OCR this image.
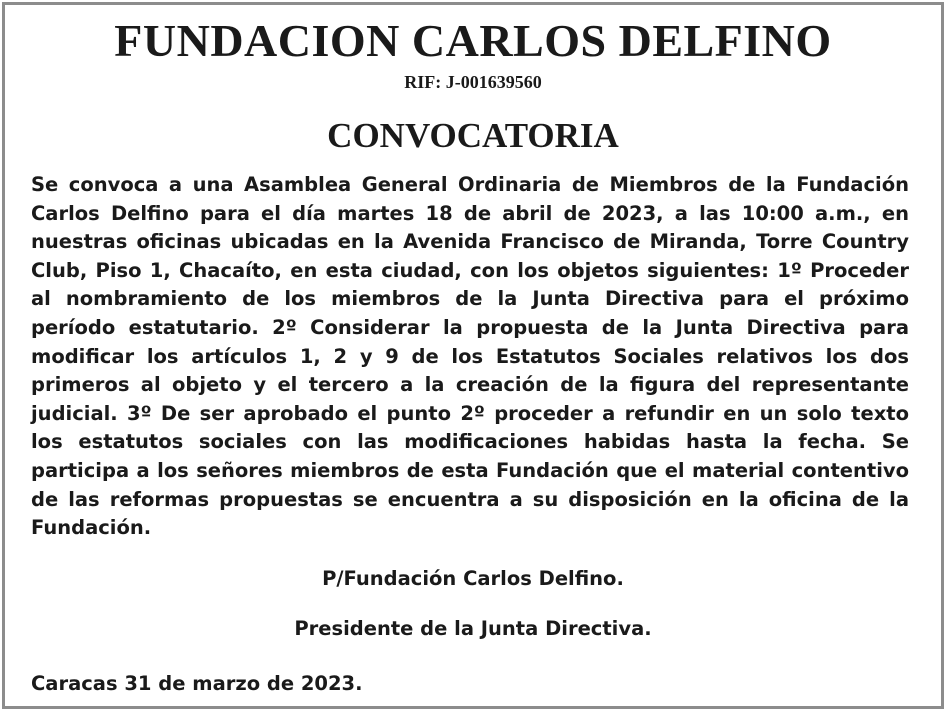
FUNDACION CARLOS DELFINO
RIF: J-001639560
CONVOCATORIA

Se convoca a una Asamblea General Ordinaria de Miembros de la Fundación Carlos Delfino para el día martes 18 de abril de 2023, a las 10:00 a.m., en nuestras oficinas ubicadas en la Avenida Francisco de Miranda, Torre Country Club, Piso 1, Chacaíto, en esta ciudad, con los objetos siguientes: 1º Proceder al nombramiento de los miembros de la Junta Directiva para el próximo período estatutario. 2º Considerar la propuesta de la Junta Directiva para modificar los artículos 1, 2 y 9 de los Estatutos Sociales relativos los dos primeros al objeto y el tercero a la creación de la figura del representante judicial. 3º De ser aprobado el punto 2º proceder a refundir en un solo texto los estatutos sociales con las modificaciones habidas hasta la fecha. Se participa a los señores miembros de esta Fundación que el material contentivo de las reformas propuestas se encuentra a su disposición en la oficina de la Fundación.

P/Fundación Carlos Delfino.
Presidente de la Junta Directiva.
Caracas 31 de marzo de 2023.
